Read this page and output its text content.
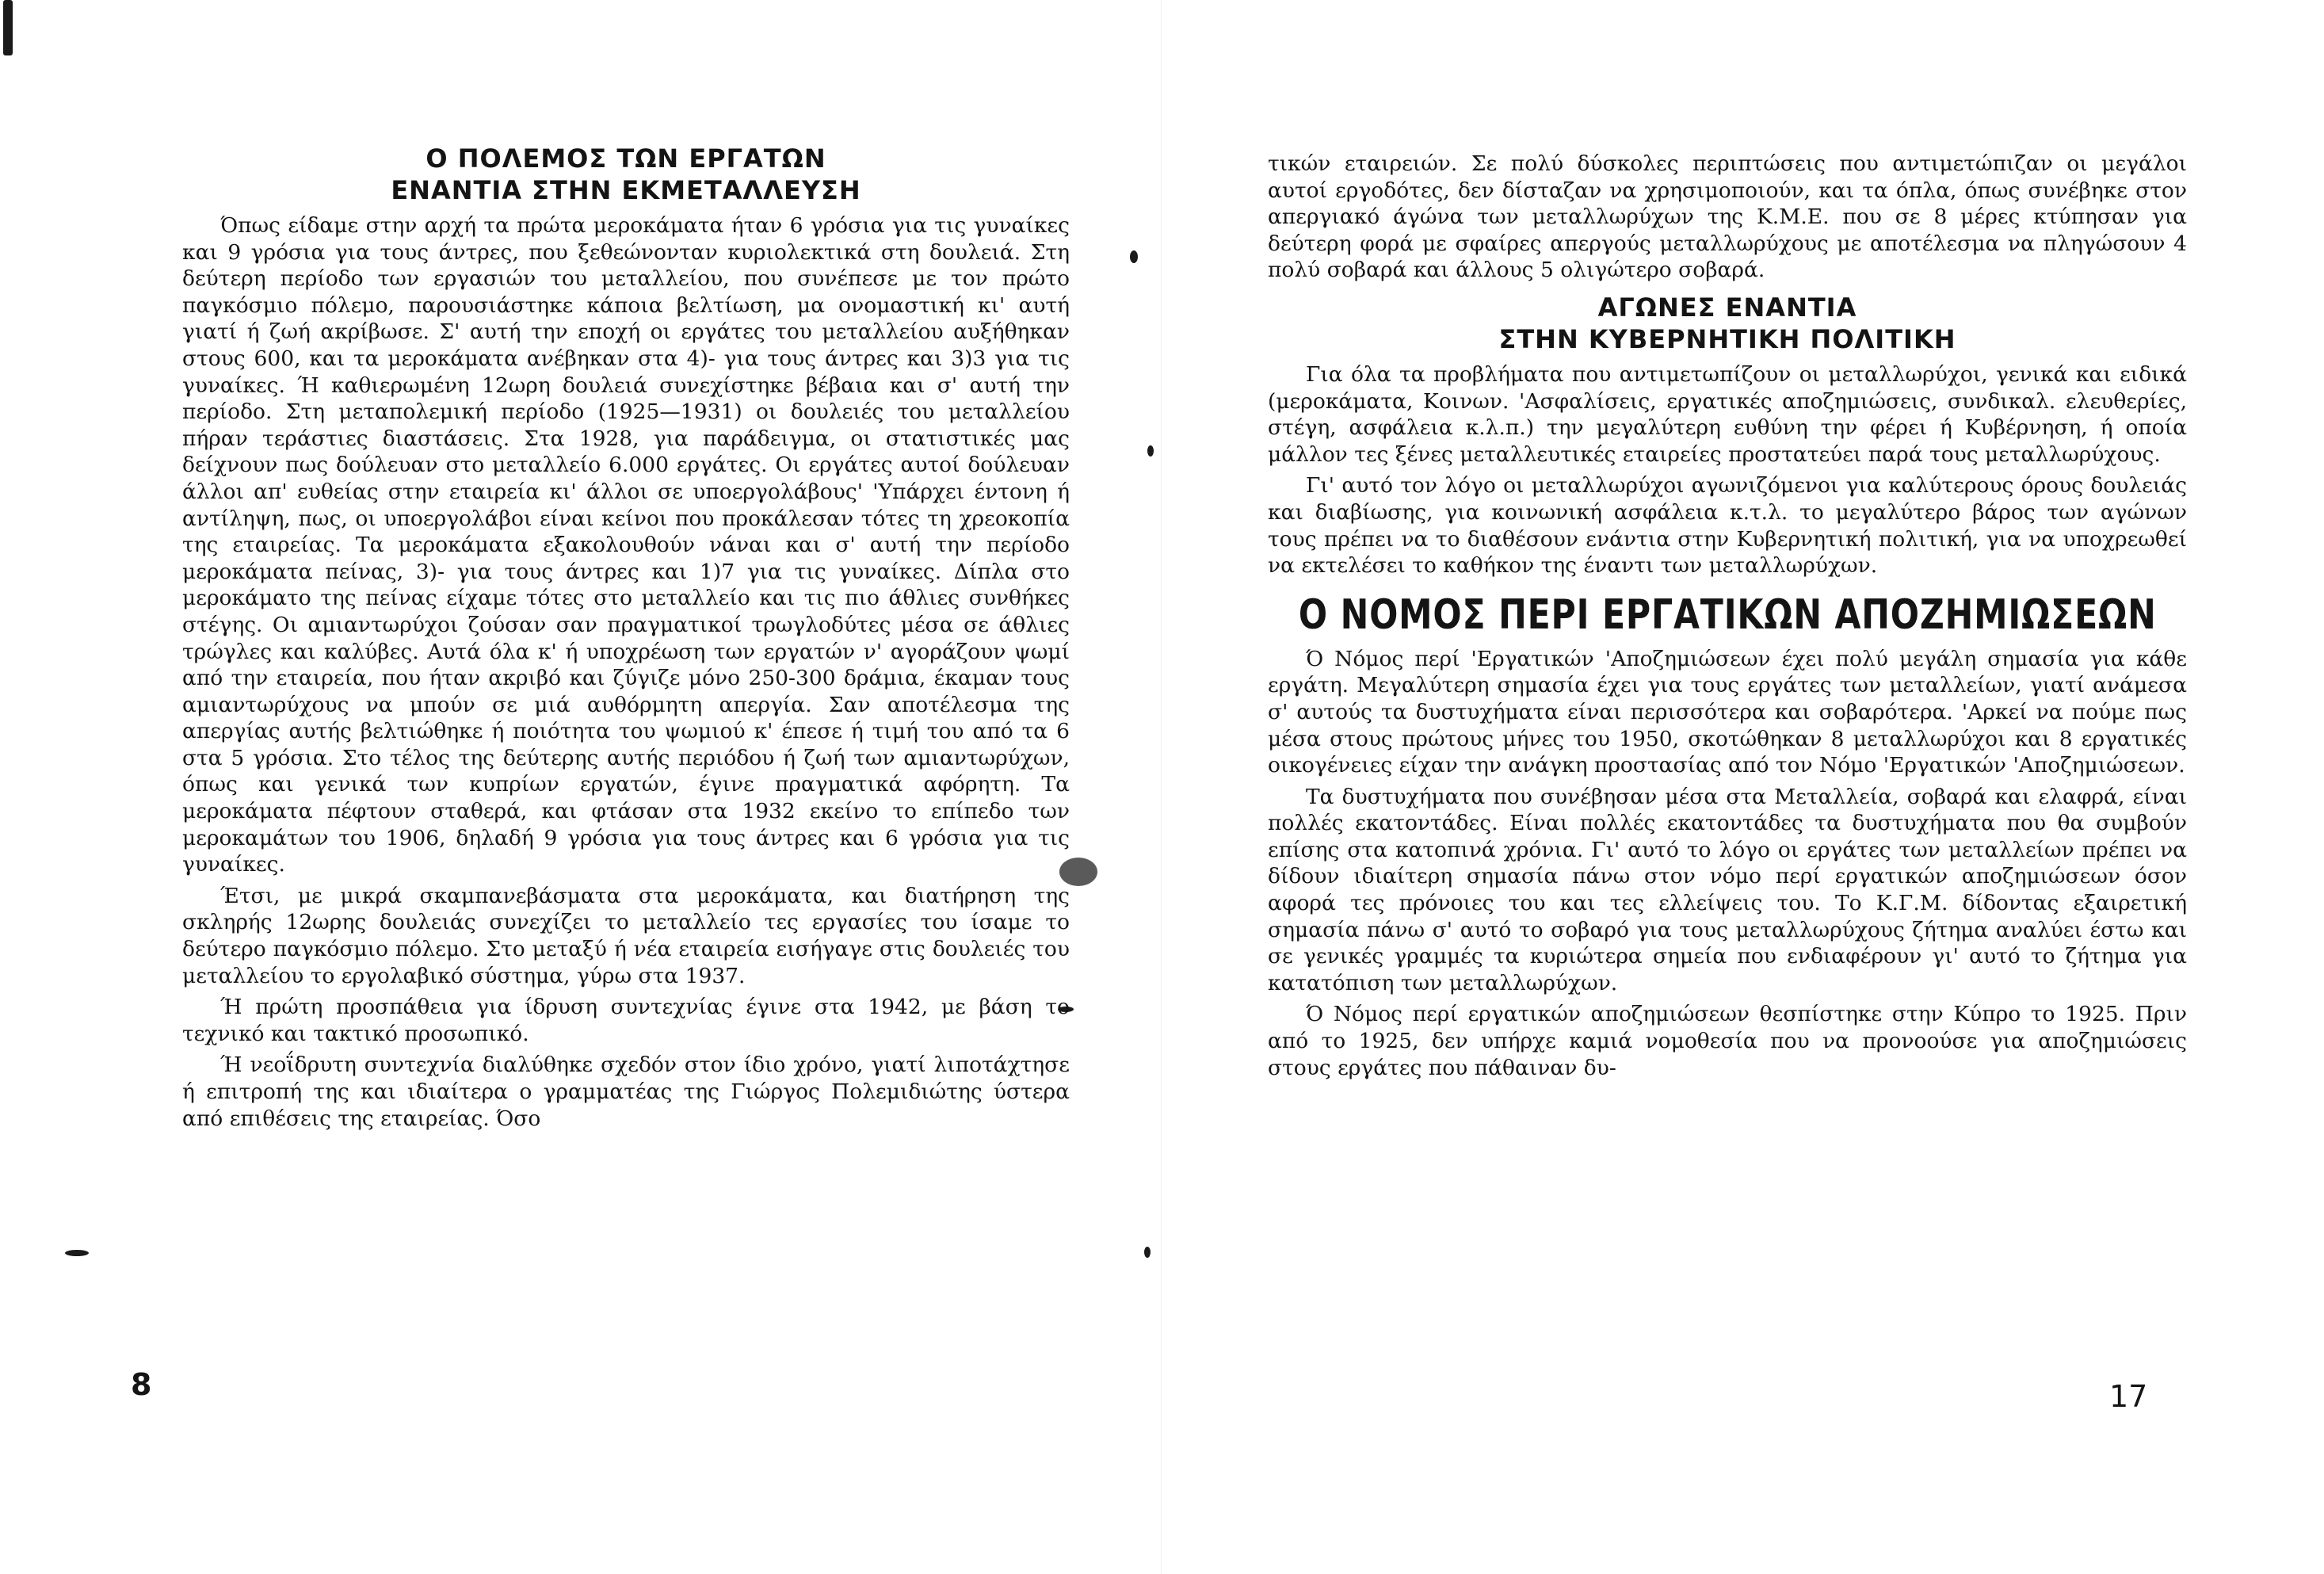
Ο ΠΟΛΕΜΟΣ ΤΩΝ ΕΡΓΑΤΩΝ
ΕΝΑΝΤΙΑ ΣΤΗΝ ΕΚΜΕΤΑΛΛΕΥΣΗ

Όπως είδαμε στην αρχή τα πρώτα μεροκάματα ήταν 6 γρόσια για τις γυναίκες και 9 γρόσια για τους άντρες, που ξεθεώνονταν κυριολεκτικά στη δουλειά. Στη δεύτερη περίοδο των εργασιών του μεταλλείου, που συνέπεσε με τον πρώτο παγκόσμιο πόλεμο, παρουσιάστηκε κάποια βελτίωση, μα ονομαστική κι' αυτή γιατί ή ζωή ακρίβωσε. Σ' αυτή την εποχή οι εργάτες του μεταλλείου αυξήθηκαν στους 600, και τα μεροκάματα ανέβηκαν στα 4)- για τους άντρες και 3)3 για τις γυναίκες. Ή καθιερωμένη 12ωρη δουλειά συνεχίστηκε βέβαια και σ' αυτή την περίοδο. Στη μεταπολεμική περίοδο (1925—1931) οι δουλειές του μεταλλείου πήραν τεράστιες διαστάσεις. Στα 1928, για παράδειγμα, οι στατιστικές μας δείχνουν πως δούλευαν στο μεταλλείο 6.000 εργάτες. Οι εργάτες αυτοί δούλευαν άλλοι απ' ευθείας στην εταιρεία κι' άλλοι σε υποεργολάβους' 'Υπάρχει έντονη ή αντίληψη, πως, οι υποεργολάβοι είναι κείνοι που προκάλεσαν τότες τη χρεοκοπία της εταιρείας. Τα μεροκάματα εξακολουθούν νάναι και σ' αυτή την περίοδο μεροκάματα πείνας, 3)- για τους άντρες και 1)7 για τις γυναίκες. Δίπλα στο μεροκάματο της πείνας είχαμε τότες στο μεταλλείο και τις πιο άθλιες συνθήκες στέγης. Οι αμιαντωρύχοι ζούσαν σαν πραγματικοί τρωγλοδύτες μέσα σε άθλιες τρώγλες και καλύβες. Αυτά όλα κ' ή υποχρέωση των εργατών ν' αγοράζουν ψωμί από την εταιρεία, που ήταν ακριβό και ζύγιζε μόνο 250-300 δράμια, έκαμαν τους αμιαντωρύχους να μπούν σε μιά αυθόρμητη απεργία. Σαν αποτέλεσμα της απεργίας αυτής βελτιώθηκε ή ποιότητα του ψωμιού κ' έπεσε ή τιμή του από τα 6 στα 5 γρόσια. Στο τέλος της δεύτερης αυτής περιόδου ή ζωή των αμιαντωρύχων, όπως και γενικά των κυπρίων εργατών, έγινε πραγματικά αφόρητη. Τα μεροκάματα πέφτουν σταθερά, και φτάσαν στα 1932 εκείνο το επίπεδο των μεροκαμάτων του 1906, δηλαδή 9 γρόσια για τους άντρες και 6 γρόσια για τις γυναίκες.

Έτσι, με μικρά σκαμπανεβάσματα στα μεροκάματα, και διατήρηση της σκληρής 12ωρης δουλειάς συνεχίζει το μεταλλείο τες εργασίες του ίσαμε το δεύτερο παγκόσμιο πόλεμο. Στο μεταξύ ή νέα εταιρεία εισήγαγε στις δουλειές του μεταλλείου το εργολαβικό σύστημα, γύρω στα 1937.

Ή πρώτη προσπάθεια για ίδρυση συντεχνίας έγινε στα 1942, με βάση το τεχνικό και τακτικό προσωπικό.

Ή νεοΐδρυτη συντεχνία διαλύθηκε σχεδόν στον ίδιο χρόνο, γιατί λιποτάχτησε ή επιτροπή της και ιδιαίτερα ο γραμματέας της Γιώργος Πολεμιδιώτης ύστερα από επιθέσεις της εταιρείας. Όσο

8

τικών εταιρειών. Σε πολύ δύσκολες περιπτώσεις που αντιμετώπιζαν οι μεγάλοι αυτοί εργοδότες, δεν δίσταζαν να χρησιμοποιούν, και τα όπλα, όπως συνέβηκε στον απεργιακό άγώνα των μεταλλωρύχων της Κ.Μ.Ε. που σε 8 μέρες κτύπησαν για δεύτερη φορά με σφαίρες απεργούς μεταλλωρύχους με αποτέλεσμα να πληγώσουν 4 πολύ σοβαρά και άλλους 5 ολιγώτερο σοβαρά.

ΑΓΩΝΕΣ ΕΝΑΝΤΙΑ
ΣΤΗΝ ΚΥΒΕΡΝΗΤΙΚΗ ΠΟΛΙΤΙΚΗ

Για όλα τα προβλήματα που αντιμετωπίζουν οι μεταλλωρύχοι, γενικά και ειδικά (μεροκάματα, Κοινων. 'Ασφαλίσεις, εργατικές αποζημιώσεις, συνδικαλ. ελευθερίες, στέγη, ασφάλεια κ.λ.π.) την μεγαλύτερη ευθύνη την φέρει ή Κυβέρνηση, ή οποία μάλλον τες ξένες μεταλλευτικές εταιρείες προστατεύει παρά τους μεταλλωρύχους.

Γι' αυτό τον λόγο οι μεταλλωρύχοι αγωνιζόμενοι για καλύτερους όρους δουλειάς και διαβίωσης, για κοινωνική ασφάλεια κ.τ.λ. το μεγαλύτερο βάρος των αγώνων τους πρέπει να το διαθέσουν ενάντια στην Κυβερνητική πολιτική, για να υποχρεωθεί να εκτελέσει το καθήκον της έναντι των μεταλλωρύχων.

Ο ΝΟΜΟΣ ΠΕΡΙ ΕΡΓΑΤΙΚΩΝ ΑΠΟΖΗΜΙΩΣΕΩΝ

Ό Νόμος περί 'Εργατικών 'Αποζημιώσεων έχει πολύ μεγάλη σημασία για κάθε εργάτη. Μεγαλύτερη σημασία έχει για τους εργάτες των μεταλλείων, γιατί ανάμεσα σ' αυτούς τα δυστυχήματα είναι περισσότερα και σοβαρότερα. 'Αρκεί να πούμε πως μέσα στους πρώτους μήνες του 1950, σκοτώθηκαν 8 μεταλλωρύχοι και 8 εργατικές οικογένειες είχαν την ανάγκη προστασίας από τον Νόμο 'Εργατικών 'Αποζημιώσεων.

Τα δυστυχήματα που συνέβησαν μέσα στα Μεταλλεία, σοβαρά και ελαφρά, είναι πολλές εκατοντάδες. Είναι πολλές εκατοντάδες τα δυστυχήματα που θα συμβούν επίσης στα κατοπινά χρόνια. Γι' αυτό το λόγο οι εργάτες των μεταλλείων πρέπει να δίδουν ιδιαίτερη σημασία πάνω στον νόμο περί εργατικών αποζημιώσεων όσον αφορά τες πρόνοιες του και τες ελλείψεις του. Το Κ.Γ.Μ. δίδοντας εξαιρετική σημασία πάνω σ' αυτό το σοβαρό για τους μεταλλωρύχους ζήτημα αναλύει έστω και σε γενικές γραμμές τα κυριώτερα σημεία που ενδιαφέρουν γι' αυτό το ζήτημα για κατατόπιση των μεταλλωρύχων.

Ό Νόμος περί εργατικών αποζημιώσεων θεσπίστηκε στην Κύπρο το 1925. Πριν από το 1925, δεν υπήρχε καμιά νομοθεσία που να προνοούσε για αποζημιώσεις στους εργάτες που πάθαιναν δυ-

17
